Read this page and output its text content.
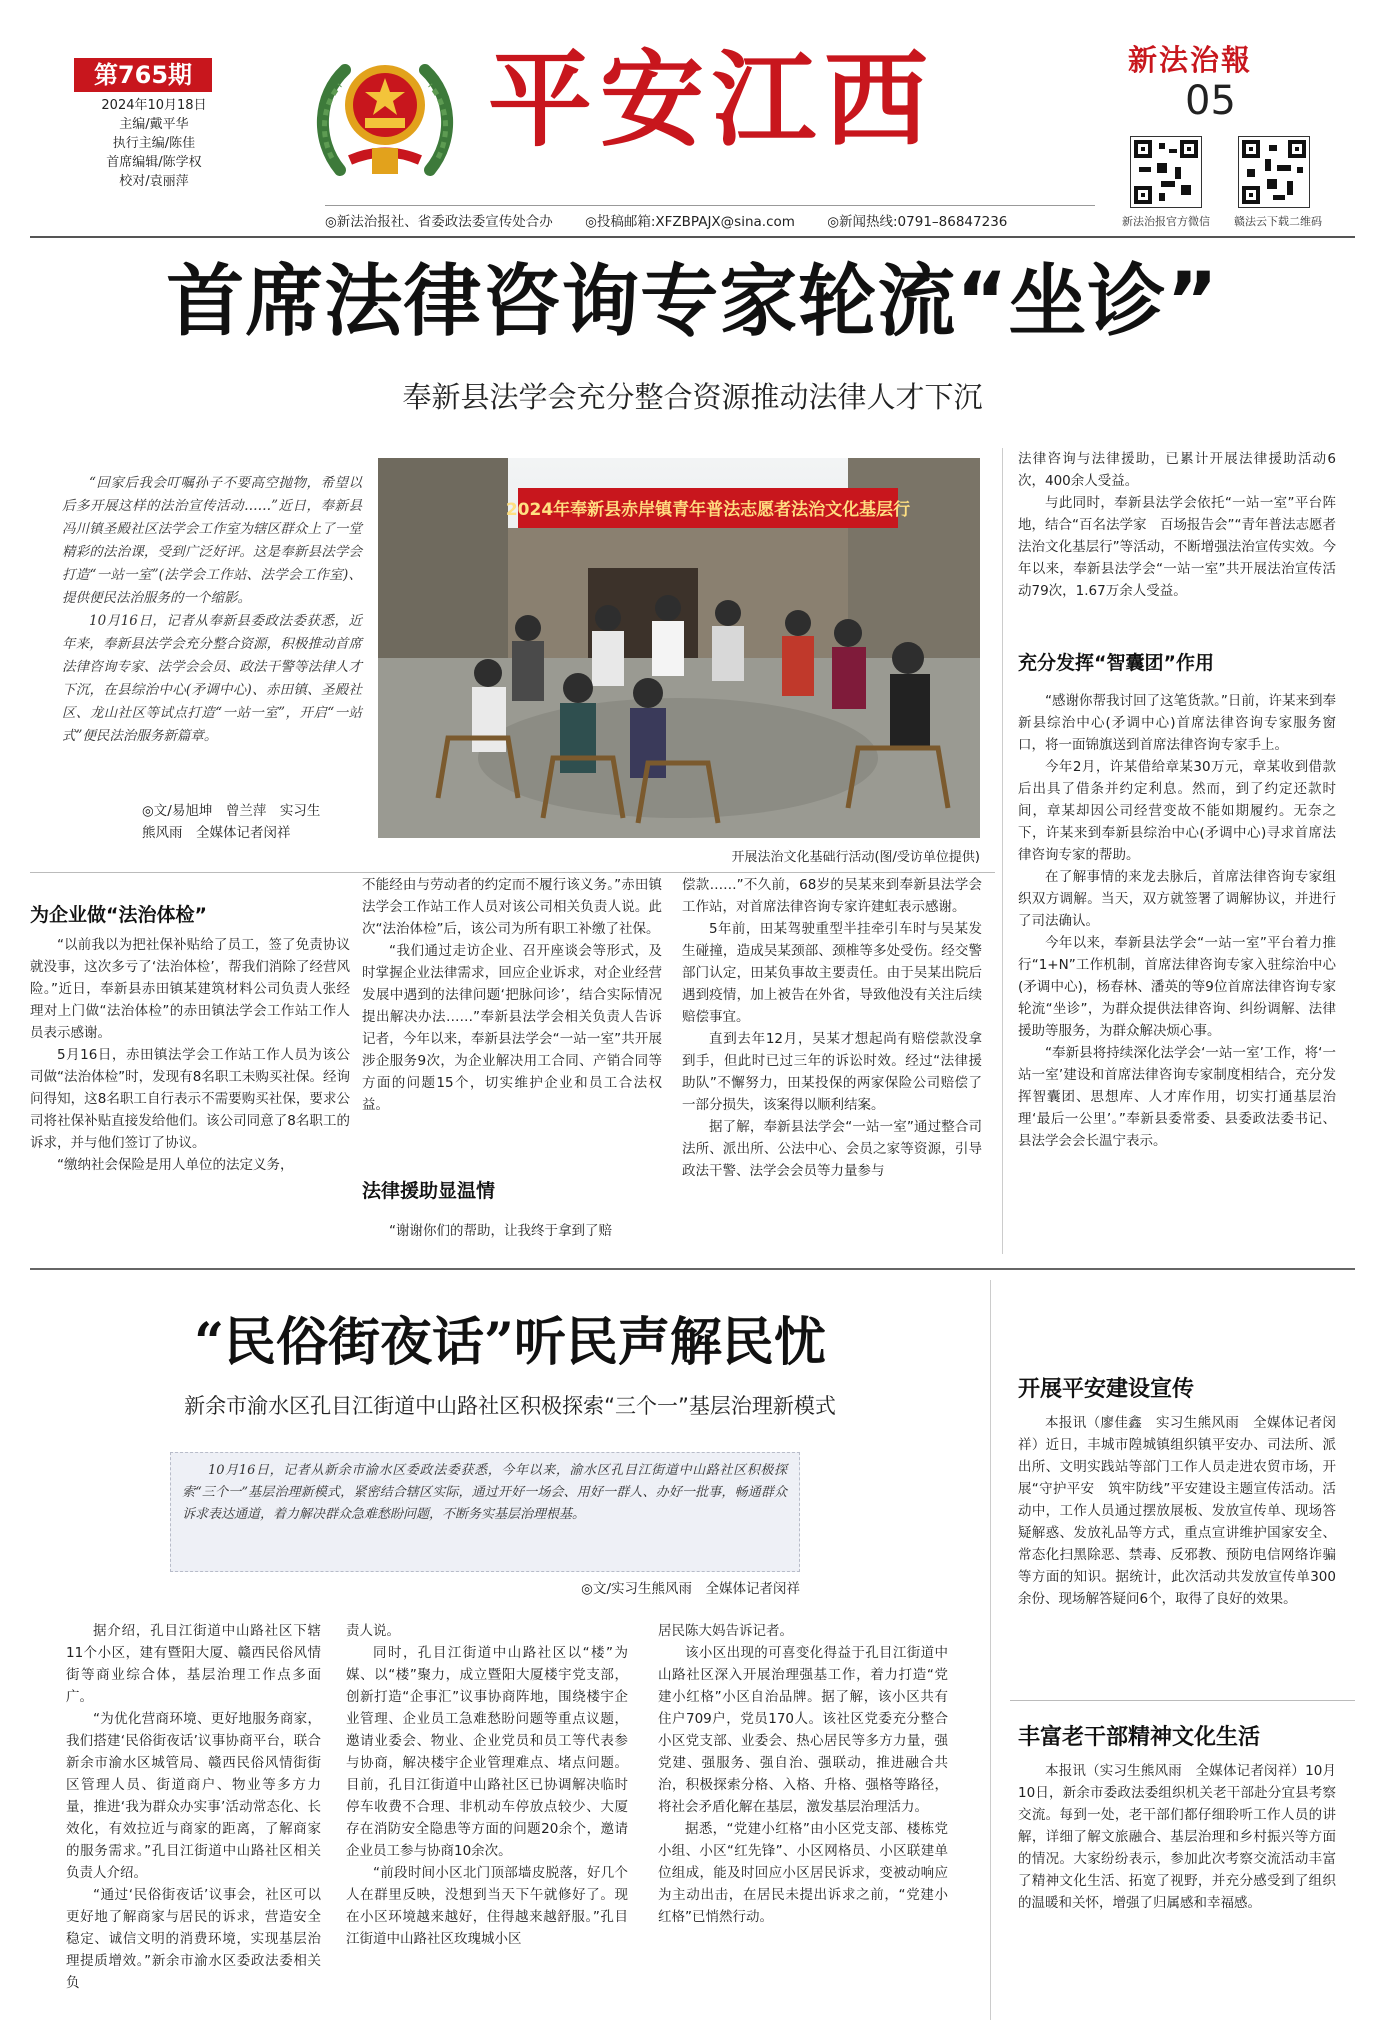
第765期
2024年10月18日
主编/戴平华
执行主编/陈佳
首席编辑/陈学权
校对/袁丽萍
平安江西	新法治報
05
新法治报官方微信	赣法云下载二维码
◎新法治报社、省委政法委宣传处合办 ◎投稿邮箱:XFZBPAJX@sina.com ◎新闻热线:0791–86847236
首席法律咨询专家轮流“坐诊”
奉新县法学会充分整合资源推动法律人才下沉

“回家后我会叮嘱孙子不要高空抛物，希望以后多开展这样的法治宣传活动……”近日，奉新县冯川镇圣殿社区法学会工作室为辖区群众上了一堂精彩的法治课，受到广泛好评。这是奉新县法学会打造“一站一室”(法学会工作站、法学会工作室)、提供便民法治服务的一个缩影。

10月16日，记者从奉新县委政法委获悉，近年来，奉新县法学会充分整合资源，积极推动首席法律咨询专家、法学会会员、政法干警等法律人才下沉，在县综治中心(矛调中心)、赤田镇、圣殿社区、龙山社区等试点打造“一站一室”，开启“一站式”便民法治服务新篇章。

◎文/易旭坤　曾兰萍　实习生
熊风雨　全媒体记者闵祥
2024年奉新县赤岸镇青年普法志愿者法治文化基层行
开展法治文化基础行活动(图/受访单位提供)
为企业做“法治体检”

“以前我以为把社保补贴给了员工，签了免责协议就没事，这次多亏了‘法治体检’，帮我们消除了经营风险。”近日，奉新县赤田镇某建筑材料公司负责人张经理对上门做“法治体检”的赤田镇法学会工作站工作人员表示感谢。

5月16日，赤田镇法学会工作站工作人员为该公司做“法治体检”时，发现有8名职工未购买社保。经询问得知，这8名职工自行表示不需要购买社保，要求公司将社保补贴直接发给他们。该公司同意了8名职工的诉求，并与他们签订了协议。

“缴纳社会保险是用人单位的法定义务，

不能经由与劳动者的约定而不履行该义务。”赤田镇法学会工作站工作人员对该公司相关负责人说。此次“法治体检”后，该公司为所有职工补缴了社保。

“我们通过走访企业、召开座谈会等形式，及时掌握企业法律需求，回应企业诉求，对企业经营发展中遇到的法律问题‘把脉问诊’，结合实际情况提出解决办法……”奉新县法学会相关负责人告诉记者，今年以来，奉新县法学会“一站一室”共开展涉企服务9次，为企业解决用工合同、产销合同等方面的问题15个，切实维护企业和员工合法权益。

法律援助显温情

“谢谢你们的帮助，让我终于拿到了赔

偿款……”不久前，68岁的吴某来到奉新县法学会工作站，对首席法律咨询专家许建虹表示感谢。

5年前，田某驾驶重型半挂牵引车时与吴某发生碰撞，造成吴某颈部、颈椎等多处受伤。经交警部门认定，田某负事故主要责任。由于吴某出院后遇到疫情，加上被告在外省，导致他没有关注后续赔偿事宜。

直到去年12月，吴某才想起尚有赔偿款没拿到手，但此时已过三年的诉讼时效。经过“法律援助队”不懈努力，田某投保的两家保险公司赔偿了一部分损失，该案得以顺利结案。

据了解，奉新县法学会“一站一室”通过整合司法所、派出所、公法中心、会员之家等资源，引导政法干警、法学会会员等力量参与

法律咨询与法律援助，已累计开展法律援助活动6次，400余人受益。

与此同时，奉新县法学会依托“一站一室”平台阵地，结合“百名法学家　百场报告会”“青年普法志愿者　法治文化基层行”等活动，不断增强法治宣传实效。今年以来，奉新县法学会“一站一室”共开展法治宣传活动79次，1.67万余人受益。

充分发挥“智囊团”作用

“感谢你帮我讨回了这笔货款。”日前，许某来到奉新县综治中心(矛调中心)首席法律咨询专家服务窗口，将一面锦旗送到首席法律咨询专家手上。

今年2月，许某借给章某30万元，章某收到借款后出具了借条并约定利息。然而，到了约定还款时间，章某却因公司经营变故不能如期履约。无奈之下，许某来到奉新县综治中心(矛调中心)寻求首席法律咨询专家的帮助。

在了解事情的来龙去脉后，首席法律咨询专家组织双方调解。当天，双方就签署了调解协议，并进行了司法确认。

今年以来，奉新县法学会“一站一室”平台着力推行“1+N”工作机制，首席法律咨询专家入驻综治中心(矛调中心)，杨春林、潘英的等9位首席法律咨询专家轮流“坐诊”，为群众提供法律咨询、纠纷调解、法律援助等服务，为群众解决烦心事。

“奉新县将持续深化法学会‘一站一室’工作，将‘一站一室’建设和首席法律咨询专家制度相结合，充分发挥智囊团、思想库、人才库作用，切实打通基层治理‘最后一公里’。”奉新县委常委、县委政法委书记、县法学会会长温宁表示。

“民俗街夜话”听民声解民忧
新余市渝水区孔目江街道中山路社区积极探索“三个一”基层治理新模式

10月16日，记者从新余市渝水区委政法委获悉，今年以来，渝水区孔目江街道中山路社区积极探索“三个一”基层治理新模式，紧密结合辖区实际，通过开好一场会、用好一群人、办好一批事，畅通群众诉求表达通道，着力解决群众急难愁盼问题，不断务实基层治理根基。

◎文/实习生熊风雨　全媒体记者闵祥

据介绍，孔目江街道中山路社区下辖11个小区，建有暨阳大厦、赣西民俗风情街等商业综合体，基层治理工作点多面广。

“为优化营商环境、更好地服务商家，我们搭建‘民俗街夜话’议事协商平台，联合新余市渝水区城管局、赣西民俗风情街街区管理人员、街道商户、物业等多方力量，推进‘我为群众办实事’活动常态化、长效化，有效拉近与商家的距离，了解商家的服务需求。”孔目江街道中山路社区相关负责人介绍。

“通过‘民俗街夜话’议事会，社区可以更好地了解商家与居民的诉求，营造安全稳定、诚信文明的消费环境，实现基层治理提质增效。”新余市渝水区委政法委相关负

责人说。

同时，孔目江街道中山路社区以“楼”为媒、以“楼”聚力，成立暨阳大厦楼宇党支部，创新打造“企事汇”议事协商阵地，围绕楼宇企业管理、企业员工急难愁盼问题等重点议题，邀请业委会、物业、企业党员和员工等代表参与协商，解决楼宇企业管理难点、堵点问题。目前，孔目江街道中山路社区已协调解决临时停车收费不合理、非机动车停放点较少、大厦存在消防安全隐患等方面的问题20余个，邀请企业员工参与协商10余次。

“前段时间小区北门顶部墙皮脱落，好几个人在群里反映，没想到当天下午就修好了。现在小区环境越来越好，住得越来越舒服。”孔目江街道中山路社区玫瑰城小区

居民陈大妈告诉记者。

该小区出现的可喜变化得益于孔目江街道中山路社区深入开展治理强基工作，着力打造“党建小红格”小区自治品牌。据了解，该小区共有住户709户，党员170人。该社区党委充分整合小区党支部、业委会、热心居民等多方力量，强党建、强服务、强自治、强联动，推进融合共治，积极探索分格、入格、升格、强格等路径，将社会矛盾化解在基层，激发基层治理活力。

据悉，“党建小红格”由小区党支部、楼栋党小组、小区“红先锋”、小区网格员、小区联建单位组成，能及时回应小区居民诉求，变被动响应为主动出击，在居民未提出诉求之前，“党建小红格”已悄然行动。

开展平安建设宣传

本报讯（廖佳鑫　实习生熊风雨　全媒体记者闵祥）近日，丰城市隍城镇组织镇平安办、司法所、派出所、文明实践站等部门工作人员走进农贸市场，开展“守护平安　筑牢防线”平安建设主题宣传活动。活动中，工作人员通过摆放展板、发放宣传单、现场答疑解惑、发放礼品等方式，重点宣讲维护国家安全、常态化扫黑除恶、禁毒、反邪教、预防电信网络诈骗等方面的知识。据统计，此次活动共发放宣传单300余份、现场解答疑问6个，取得了良好的效果。

丰富老干部精神文化生活

本报讯（实习生熊风雨　全媒体记者闵祥）10月10日，新余市委政法委组织机关老干部赴分宜县考察交流。每到一处，老干部们都仔细聆听工作人员的讲解，详细了解文旅融合、基层治理和乡村振兴等方面的情况。大家纷纷表示，参加此次考察交流活动丰富了精神文化生活、拓宽了视野，并充分感受到了组织的温暖和关怀，增强了归属感和幸福感。
